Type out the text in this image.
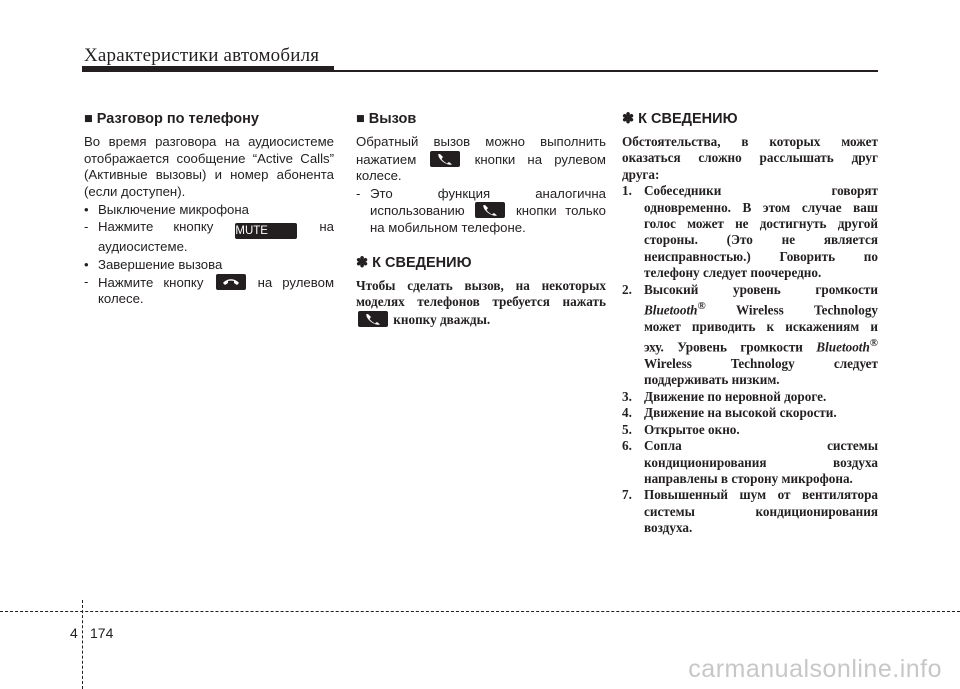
Характеристики автомобиля
■ Разговор по телефону

Во время разговора на аудиосистеме отображается сообщение “Active Calls” (Активные вызовы) и номер абонента (если доступен).

• Выключение микрофона
- Нажмите кнопку MUTE	на
аудиосистеме.
• Завершение вызова
- Нажмите кнопку	на рулевом
колесе.
■ Вызов
Обратный вызов можно выполнить
нажатием	кнопки на рулевом
колесе.
- Это функция аналогична
использованию	кнопки только
на мобильном телефоне.
✽ К СВЕДЕНИЮ
Чтобы сделать вызов, на некоторых
моделях телефонов требуется нажать
кнопку дважды.
✽ К СВЕДЕНИЮ
Обстоятельства, в которых может
оказаться сложно расслышать друг
друга:
1. Собеседники говорят
одновременно. В этом случае ваш
голос может не достигнуть другой
стороны. (Это не является
неисправностью.) Говорить по
телефону следует поочередно.
2. Высокий уровень громкости
Bluetooth® Wireless Technology
может приводить к искажениям и
эху. Уровень громкости Bluetooth®
Wireless Technology следует
поддерживать низким.
3. Движение по неровной дороге.
4. Движение на высокой скорости.
5. Открытое окно.
6. Сопла системы
кондиционирования воздуха
направлены в сторону микрофона.
7. Повышенный шум от вентилятора
системы кондиционирования
воздуха.
4 174
carmanualsonline.info
